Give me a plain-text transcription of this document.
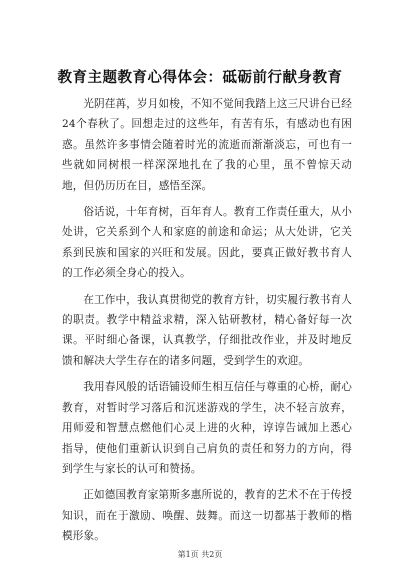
教育主题教育心得体会：砥砺前行献身教育

光阴荏苒，岁月如梭，不知不觉间我踏上这三尺讲台已经24个春秋了。回想走过的这些年，有苦有乐，有感动也有困惑。虽然许多事情会随着时光的流逝而渐渐淡忘，可也有一些就如同树根一样深深地扎在了我的心里，虽不曾惊天动地，但仍历历在目，感悟至深。

俗话说，十年育树，百年育人。教育工作责任重大，从小处讲，它关系到个人和家庭的前途和命运；从大处讲，它关系到民族和国家的兴旺和发展。因此，要真正做好教书育人的工作必须全身心的投入。

在工作中，我认真贯彻党的教育方针，切实履行教书育人的职责。教学中精益求精，深入钻研教材，精心备好每一次课。平时细心备课，认真教学，仔细批改作业，并及时地反馈和解决大学生存在的诸多问题，受到学生的欢迎。

我用春风般的话语铺设师生相互信任与尊重的心桥，耐心教育，对暂时学习落后和沉迷游戏的学生，决不轻言放弃，用师爱和智慧点燃他们心灵上进的火种，谆谆告诫加上悉心指导，使他们重新认识到自己肩负的责任和努力的方向，得到学生与家长的认可和赞扬。

正如德国教育家第斯多惠所说的，教育的艺术不在于传授知识，而在于激励、唤醒、鼓舞。而这一切都基于教师的楷模形象。

第1页 共2页
